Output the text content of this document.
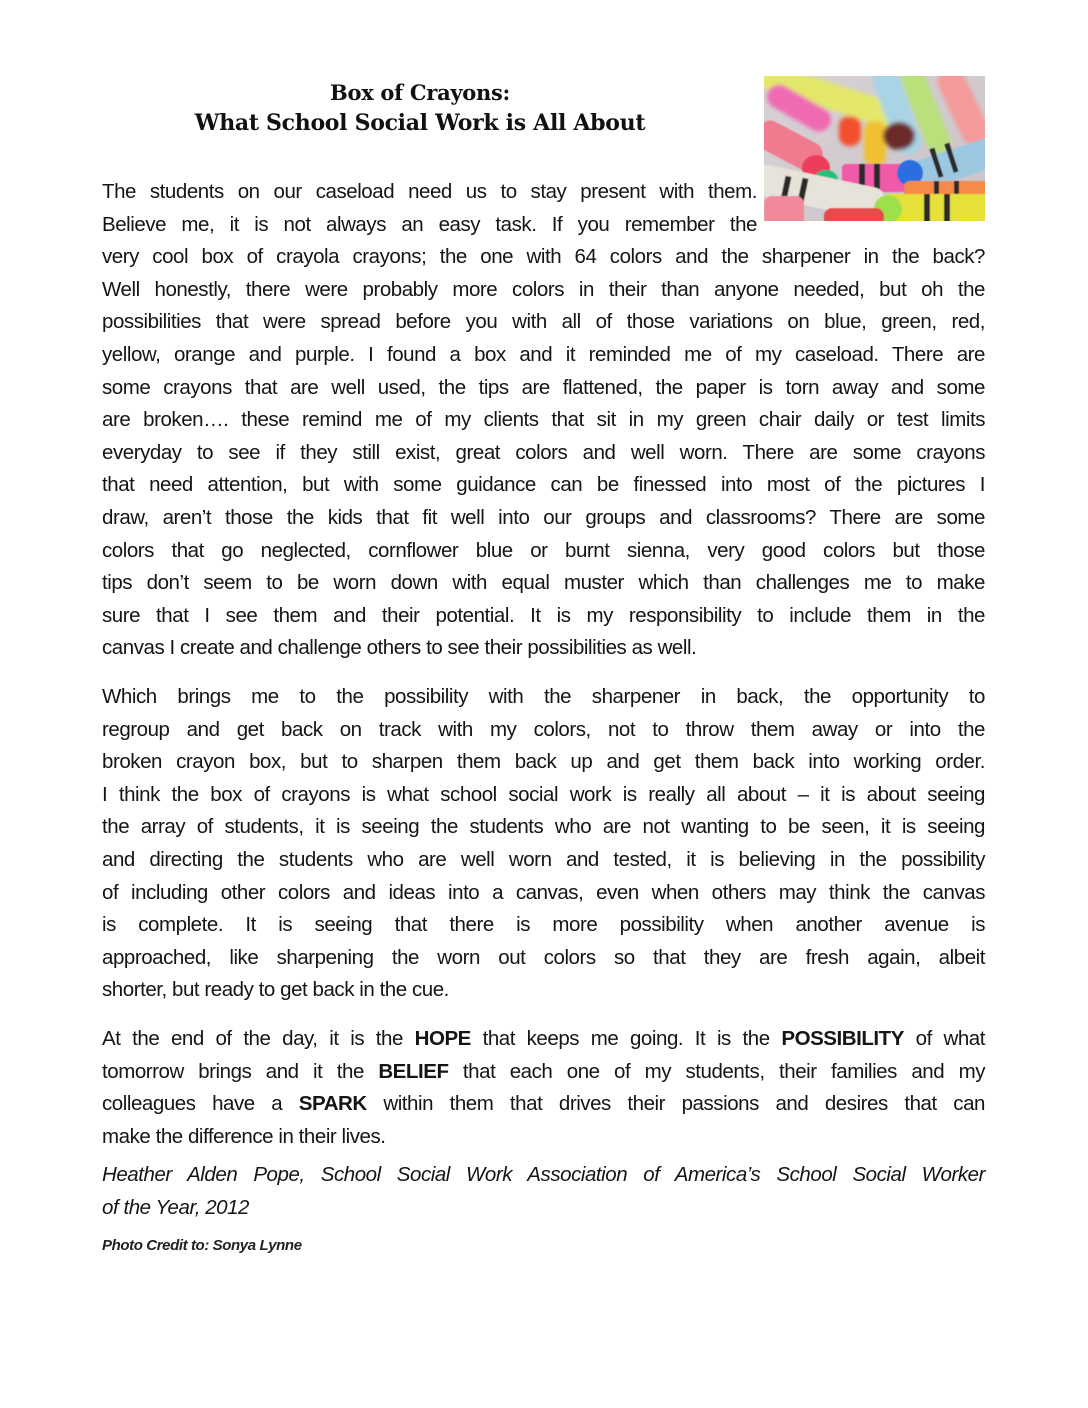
Box of Crayons:
What School Social Work is All About
The students on our caseload need us to stay present with them.
Believe me, it is not always an easy task. If you remember the
very cool box of crayola crayons; the one with 64 colors and the sharpener in the back?
Well honestly, there were probably more colors in their than anyone needed, but oh the
possibilities that were spread before you with all of those variations on blue, green, red,
yellow, orange and purple. I found a box and it reminded me of my caseload. There are
some crayons that are well used, the tips are flattened, the paper is torn away and some
are broken…. these remind me of my clients that sit in my green chair daily or test limits
everyday to see if they still exist, great colors and well worn. There are some crayons
that need attention, but with some guidance can be finessed into most of the pictures I
draw, aren’t those the kids that fit well into our groups and classrooms? There are some
colors that go neglected, cornflower blue or burnt sienna, very good colors but those
tips don’t seem to be worn down with equal muster which than challenges me to make
sure that I see them and their potential. It is my responsibility to include them in the
canvas I create and challenge others to see their possibilities as well.
Which brings me to the possibility with the sharpener in back, the opportunity to
regroup and get back on track with my colors, not to throw them away or into the
broken crayon box, but to sharpen them back up and get them back into working order.
I think the box of crayons is what school social work is really all about – it is about seeing
the array of students, it is seeing the students who are not wanting to be seen, it is seeing
and directing the students who are well worn and tested, it is believing in the possibility
of including other colors and ideas into a canvas, even when others may think the canvas
is complete. It is seeing that there is more possibility when another avenue is
approached, like sharpening the worn out colors so that they are fresh again, albeit
shorter, but ready to get back in the cue.
At the end of the day, it is the HOPE that keeps me going. It is the POSSIBILITY of what
tomorrow brings and it the BELIEF that each one of my students, their families and my
colleagues have a SPARK within them that drives their passions and desires that can
make the difference in their lives.
Heather Alden Pope, School Social Work Association of America’s School Social Worker
of the Year, 2012
Photo Credit to: Sonya Lynne
